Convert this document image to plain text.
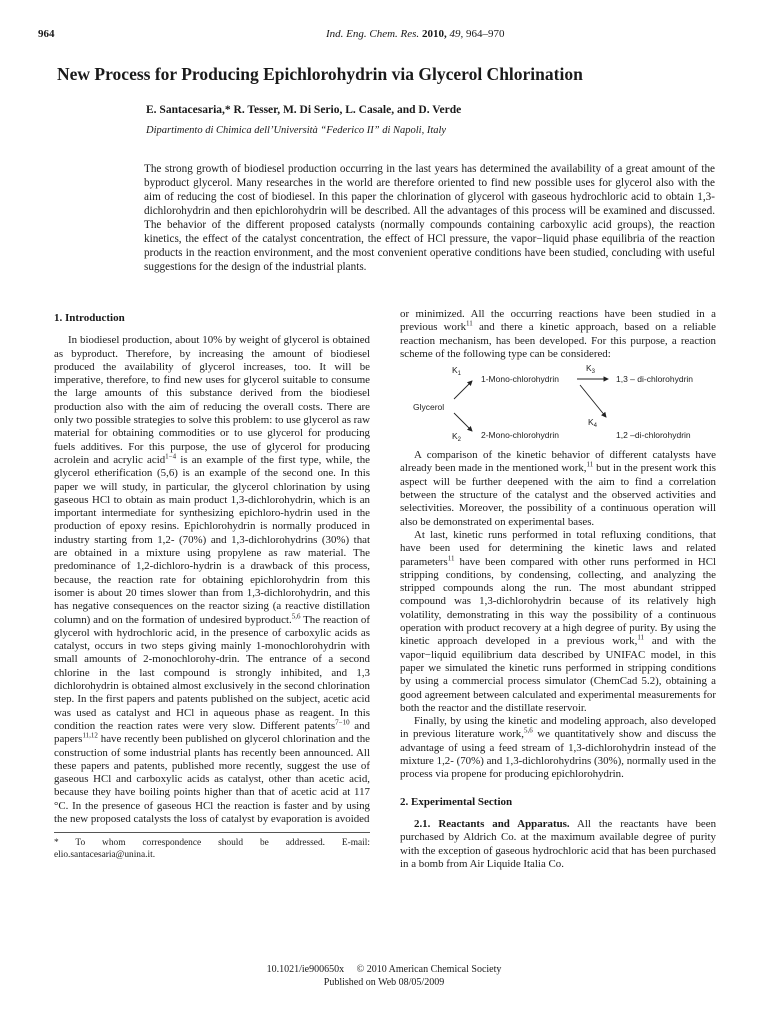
964	Ind. Eng. Chem. Res. 2010, 49, 964–970
New Process for Producing Epichlorohydrin via Glycerol Chlorination
E. Santacesaria,* R. Tesser, M. Di Serio, L. Casale, and D. Verde
Dipartimento di Chimica dell’Università “Federico II” di Napoli, Italy

The strong growth of biodiesel production occurring in the last years has determined the availability of a great amount of the byproduct glycerol. Many researches in the world are therefore oriented to find new possible uses for glycerol also with the aim of reducing the cost of biodiesel. In this paper the chlorination of glycerol with gaseous hydrochloric acid to obtain 1,3-dichlorohydrin and then epichlorohydrin will be described. All the advantages of this process will be examined and discussed. The behavior of the different proposed catalysts (normally compounds containing carboxylic acid groups), the reaction kinetics, the effect of the catalyst concentration, the effect of HCl pressure, the vapor−liquid phase equilibria of the reaction products in the reaction environment, and the most convenient operative conditions have been studied, concluding with useful suggestions for the design of the industrial plants.

1. Introduction

In biodiesel production, about 10% by weight of glycerol is obtained as byproduct. Therefore, by increasing the amount of biodiesel produced the availability of glycerol increases, too. It will be imperative, therefore, to find new uses for glycerol suitable to consume the large amounts of this substance derived from the biodiesel production also with the aim of reducing the overall costs. There are only two possible strategies to solve this problem: to use glycerol as raw material for obtaining commodities or to use glycerol for producing fuels additives. For this purpose, the use of glycerol for producing acrolein and acrylic acid$^{1-4}$ is an example of the first type, while, the glycerol etherification (5,6) is an example of the second one. In this paper we will study, in particular, the glycerol chlorination by using gaseous HCl to obtain as main product 1,3-dichlorohydrin, which is an important intermediate for synthesizing epichloro-hydrin used in the production of epoxy resins. Epichlorohydrin is normally produced in industry starting from 1,2- (70%) and 1,3-dichlorohydrins (30%) that are obtained in a mixture using propylene as raw material. The predominance of 1,2-dichloro-hydrin is a drawback of this process, because, the reaction rate for obtaining epichlorohydrin from this isomer is about 20 times slower than from 1,3-dichlorohydrin, and this has negative consequences on the reactor sizing (a reactive distillation column) and on the formation of undesired byproduct.$^{5,6}$ The reaction of glycerol with hydrochloric acid, in the presence of carboxylic acids as catalyst, occurs in two steps giving mainly 1-monochlorohydrin with small amounts of 2-monochlorohy-drin. The entrance of a second chlorine in the last compound is strongly inhibited, and 1,3 dichlorohydrin is obtained almost exclusively in the second chlorination step. In the first papers and patents published on the subject, acetic acid was used as catalyst and HCl in aqueous phase as reagent. In this condition the reaction rates were very slow. Different patents$^{7-10}$ and papers$^{11,12}$ have recently been published on glycerol chlorination and the construction of some industrial plants has recently been announced. All these papers and patents, published more recently, suggest the use of gaseous HCl and carboxylic acids as catalyst, other than acetic acid, because they have boiling points higher than that of acetic acid at 117 °C. In the presence of gaseous HCl the reaction is faster and by using the new proposed catalysts the loss of catalyst by evaporation is avoided

* To whom correspondence should be addressed. E-mail: elio.santacesaria@unina.it.

or minimized. All the occurring reactions have been studied in a previous work$^{11}$ and there a kinetic approach, based on a reliable reaction mechanism, has been developed. For this purpose, a reaction scheme of the following type can be considered:

Glycerol
1-Mono-chlorohydrin
2-Mono-chlorohydrin
1,3 – di-chlorohydrin
1,2 –di-chlorohydrin
$K_1$
$K_2$
$K_3$
$K_4$

A comparison of the kinetic behavior of different catalysts have already been made in the mentioned work,$^{11}$ but in the present work this aspect will be further deepened with the aim to find a correlation between the structure of the catalyst and the observed activities and selectivities. Moreover, the possibility of a continuous operation will also be demonstrated on experimental bases.

At last, kinetic runs performed in total refluxing conditions, that have been used for determining the kinetic laws and related parameters$^{11}$ have been compared with other runs performed in HCl stripping conditions, by condensing, collecting, and analyzing the stripped compounds along the run. The most abundant stripped compound was 1,3-dichlorohydrin because of its relatively high volatility, demonstrating in this way the possibility of a continuous operation with product recovery at a high degree of purity. By using the kinetic approach developed in a previous work,$^{11}$ and with the vapor−liquid equilibrium data described by UNIFAC model, in this paper we simulated the kinetic runs performed in stripping conditions by using a commercial process simulator (ChemCad 5.2), obtaining a good agreement between calculated and experimental measurements for both the reactor and the distillate reservoir.

Finally, by using the kinetic and modeling approach, also developed in previous literature work,$^{5,6}$ we quantitatively show and discuss the advantage of using a feed stream of 1,3-dichlorohydrin instead of the mixture 1,2- (70%) and 1,3-dichlorohydrins (30%), normally used in the process via propene for producing epichlorohydrin.

2. Experimental Section

2.1. Reactants and Apparatus. All the reactants have been purchased by Aldrich Co. at the maximum available degree of purity with the exception of gaseous hydrochloric acid that has been purchased in a bomb from Air Liquide Italia Co.

10.1021/ie900650x © 2010 American Chemical Society
Published on Web 08/05/2009
